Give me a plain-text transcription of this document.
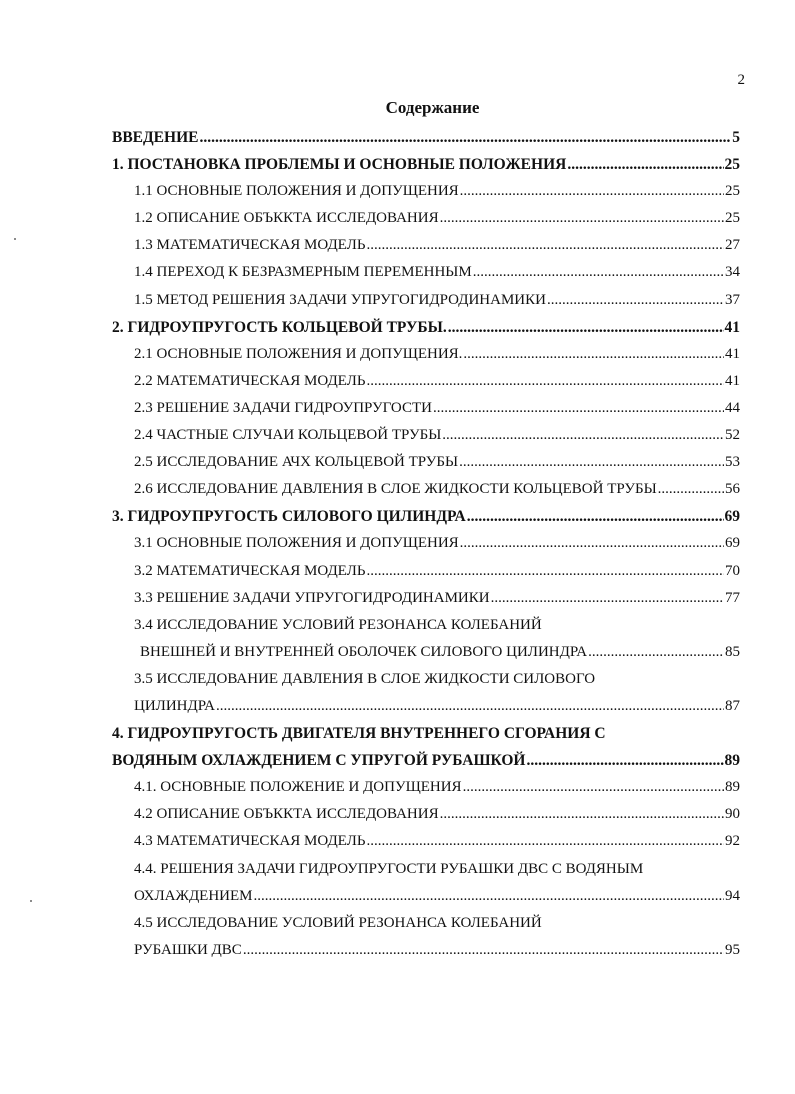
2
Содержание
ВВЕДЕНИЕ .....	5
1. ПОСТАНОВКА ПРОБЛЕМЫ И ОСНОВНЫЕ ПОЛОЖЕНИЯ .....	25
1.1 ОСНОВНЫЕ ПОЛОЖЕНИЯ И ДОПУЩЕНИЯ .....	25
1.2 ОПИСАНИЕ ОБЪККТА ИССЛЕДОВАНИЯ .....	25
1.3 МАТЕМАТИЧЕСКАЯ МОДЕЛЬ .....	27
1.4 ПЕРЕХОД К БЕЗРАЗМЕРНЫМ ПЕРЕМЕННЫМ .....	34
1.5 МЕТОД РЕШЕНИЯ ЗАДАЧИ УПРУГОГИДРОДИНАМИКИ .....	37
2. ГИДРОУПРУГОСТЬ КОЛЬЦЕВОЙ ТРУБЫ. .....	41
2.1 ОСНОВНЫЕ ПОЛОЖЕНИЯ И ДОПУЩЕНИЯ. .....	41
2.2 МАТЕМАТИЧЕСКАЯ МОДЕЛЬ .....	41
2.3 РЕШЕНИЕ ЗАДАЧИ ГИДРОУПРУГОСТИ .....	44
2.4 ЧАСТНЫЕ СЛУЧАИ КОЛЬЦЕВОЙ ТРУБЫ .....	52
2.5 ИССЛЕДОВАНИЕ АЧХ КОЛЬЦЕВОЙ ТРУБЫ .....	53
2.6 ИССЛЕДОВАНИЕ ДАВЛЕНИЯ В СЛОЕ ЖИДКОСТИ КОЛЬЦЕВОЙ ТРУБЫ .....	56
3. ГИДРОУПРУГОСТЬ СИЛОВОГО ЦИЛИНДРА .....	69
3.1 ОСНОВНЫЕ ПОЛОЖЕНИЯ И ДОПУЩЕНИЯ .....	69
3.2 МАТЕМАТИЧЕСКАЯ МОДЕЛЬ .....	70
3.3 РЕШЕНИЕ ЗАДАЧИ УПРУГОГИДРОДИНАМИКИ .....	77
3.4 ИССЛЕДОВАНИЕ УСЛОВИЙ РЕЗОНАНСА КОЛЕБАНИЙ
ВНЕШНЕЙ И ВНУТРЕННЕЙ ОБОЛОЧЕК СИЛОВОГО ЦИЛИНДРА .....	85
3.5 ИССЛЕДОВАНИЕ ДАВЛЕНИЯ В СЛОЕ ЖИДКОСТИ СИЛОВОГО
ЦИЛИНДРА .....	87
4. ГИДРОУПРУГОСТЬ ДВИГАТЕЛЯ ВНУТРЕННЕГО СГОРАНИЯ С
ВОДЯНЫМ ОХЛАЖДЕНИЕМ С УПРУГОЙ РУБАШКОЙ .....	89
4.1. ОСНОВНЫЕ ПОЛОЖЕНИЕ И ДОПУЩЕНИЯ .....	89
4.2 ОПИСАНИЕ ОБЪККТА ИССЛЕДОВАНИЯ .....	90
4.3 МАТЕМАТИЧЕСКАЯ МОДЕЛЬ .....	92
4.4. РЕШЕНИЯ ЗАДАЧИ ГИДРОУПРУГОСТИ РУБАШКИ ДВС С ВОДЯНЫМ
ОХЛАЖДЕНИЕМ .....	94
4.5 ИССЛЕДОВАНИЕ УСЛОВИЙ РЕЗОНАНСА КОЛЕБАНИЙ
РУБАШКИ ДВС .....	95
